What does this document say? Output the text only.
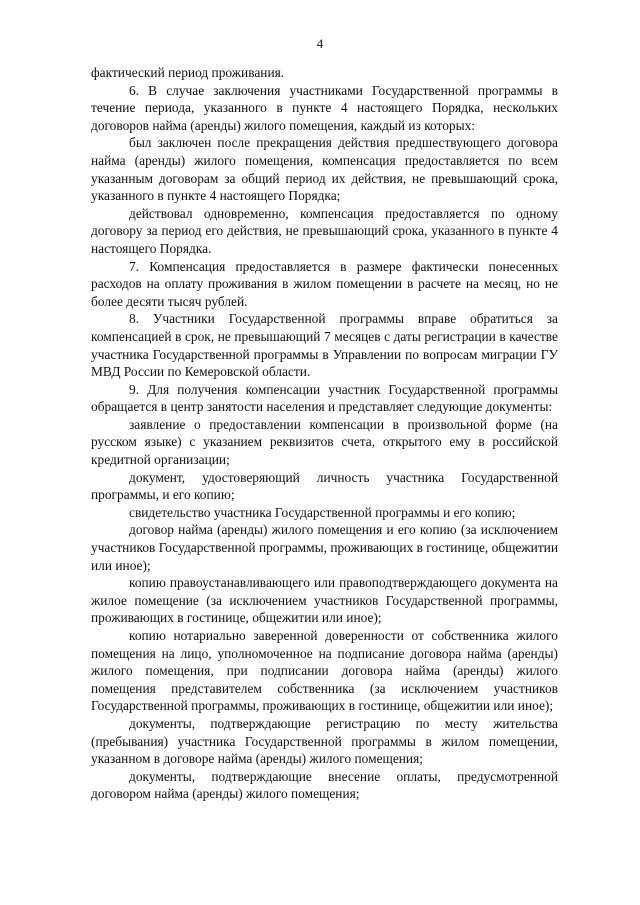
4

фактический период проживания.

6. В случае заключения участниками Государственной программы в течение периода, указанного в пункте 4 настоящего Порядка, нескольких договоров найма (аренды) жилого помещения, каждый из которых:

был заключен после прекращения действия предшествующего договора найма (аренды) жилого помещения, компенсация предоставляется по всем указанным договорам за общий период их действия, не превышающий срока, указанного в пункте 4 настоящего Порядка;

действовал одновременно, компенсация предоставляется по одному договору за период его действия, не превышающий срока, указанного в пункте 4 настоящего Порядка.

7. Компенсация предоставляется в размере фактически понесенных расходов на оплату проживания в жилом помещении в расчете на месяц, но не более десяти тысяч рублей.

8. Участники Государственной программы вправе обратиться за компенсацией в срок, не превышающий 7 месяцев с даты регистрации в качестве участника Государственной программы в Управлении по вопросам миграции ГУ МВД России по Кемеровской области.

9. Для получения компенсации участник Государственной программы обращается в центр занятости населения и представляет следующие документы:

заявление о предоставлении компенсации в произвольной форме (на русском языке) с указанием реквизитов счета, открытого ему в российской кредитной организации;

документ, удостоверяющий личность участника Государственной программы, и его копию;

свидетельство участника Государственной программы и его копию;

договор найма (аренды) жилого помещения и его копию (за исключением участников Государственной программы, проживающих в гостинице, общежитии или иное);

копию правоустанавливающего или правоподтверждающего документа на жилое помещение (за исключением участников Государственной программы, проживающих в гостинице, общежитии или иное);

копию нотариально заверенной доверенности от собственника жилого помещения на лицо, уполномоченное на подписание договора найма (аренды) жилого помещения, при подписании договора найма (аренды) жилого помещения представителем собственника (за исключением участников Государственной программы, проживающих в гостинице, общежитии или иное);

документы, подтверждающие регистрацию по месту жительства (пребывания) участника Государственной программы в жилом помещении, указанном в договоре найма (аренды) жилого помещения;

документы, подтверждающие внесение оплаты, предусмотренной договором найма (аренды) жилого помещения;
